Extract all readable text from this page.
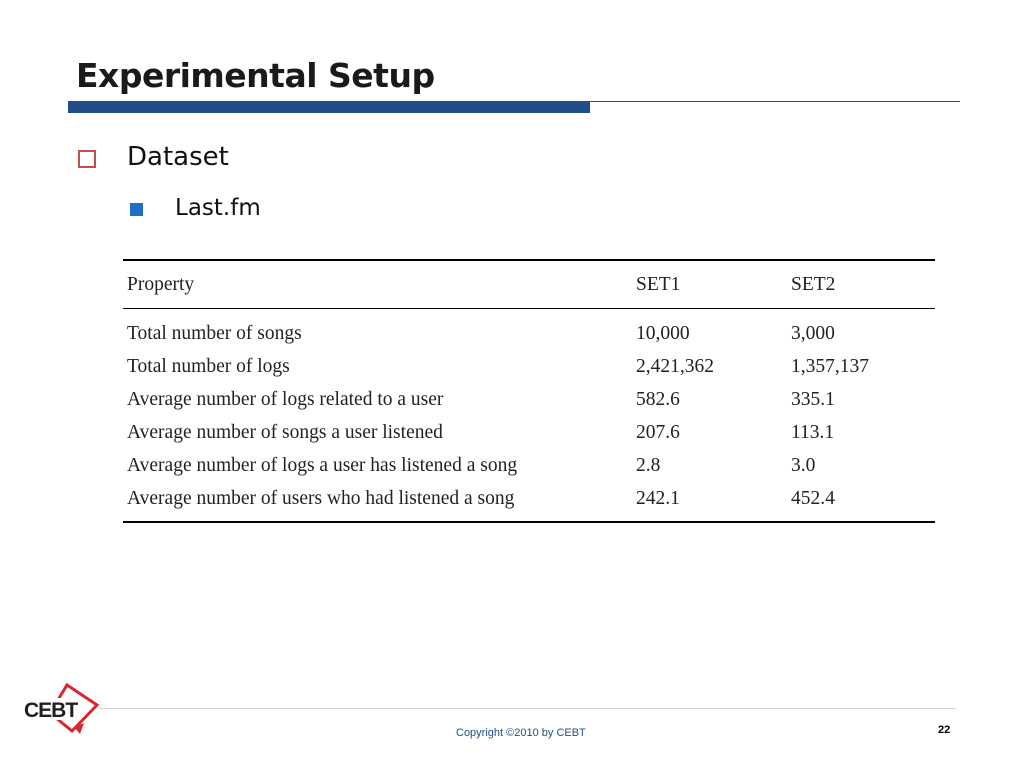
Experimental Setup
Dataset
Last.fm
Property	SET1	SET2
Total number of songs	10,000	3,000
Total number of logs	2,421,362	1,357,137
Average number of logs related to a user	582.6	335.1
Average number of songs a user listened	207.6	113.1
Average number of logs a user has listened a song	2.8	3.0
Average number of users who had listened a song	242.1	452.4
CEBT
Copyright ©2010 by CEBT	22
